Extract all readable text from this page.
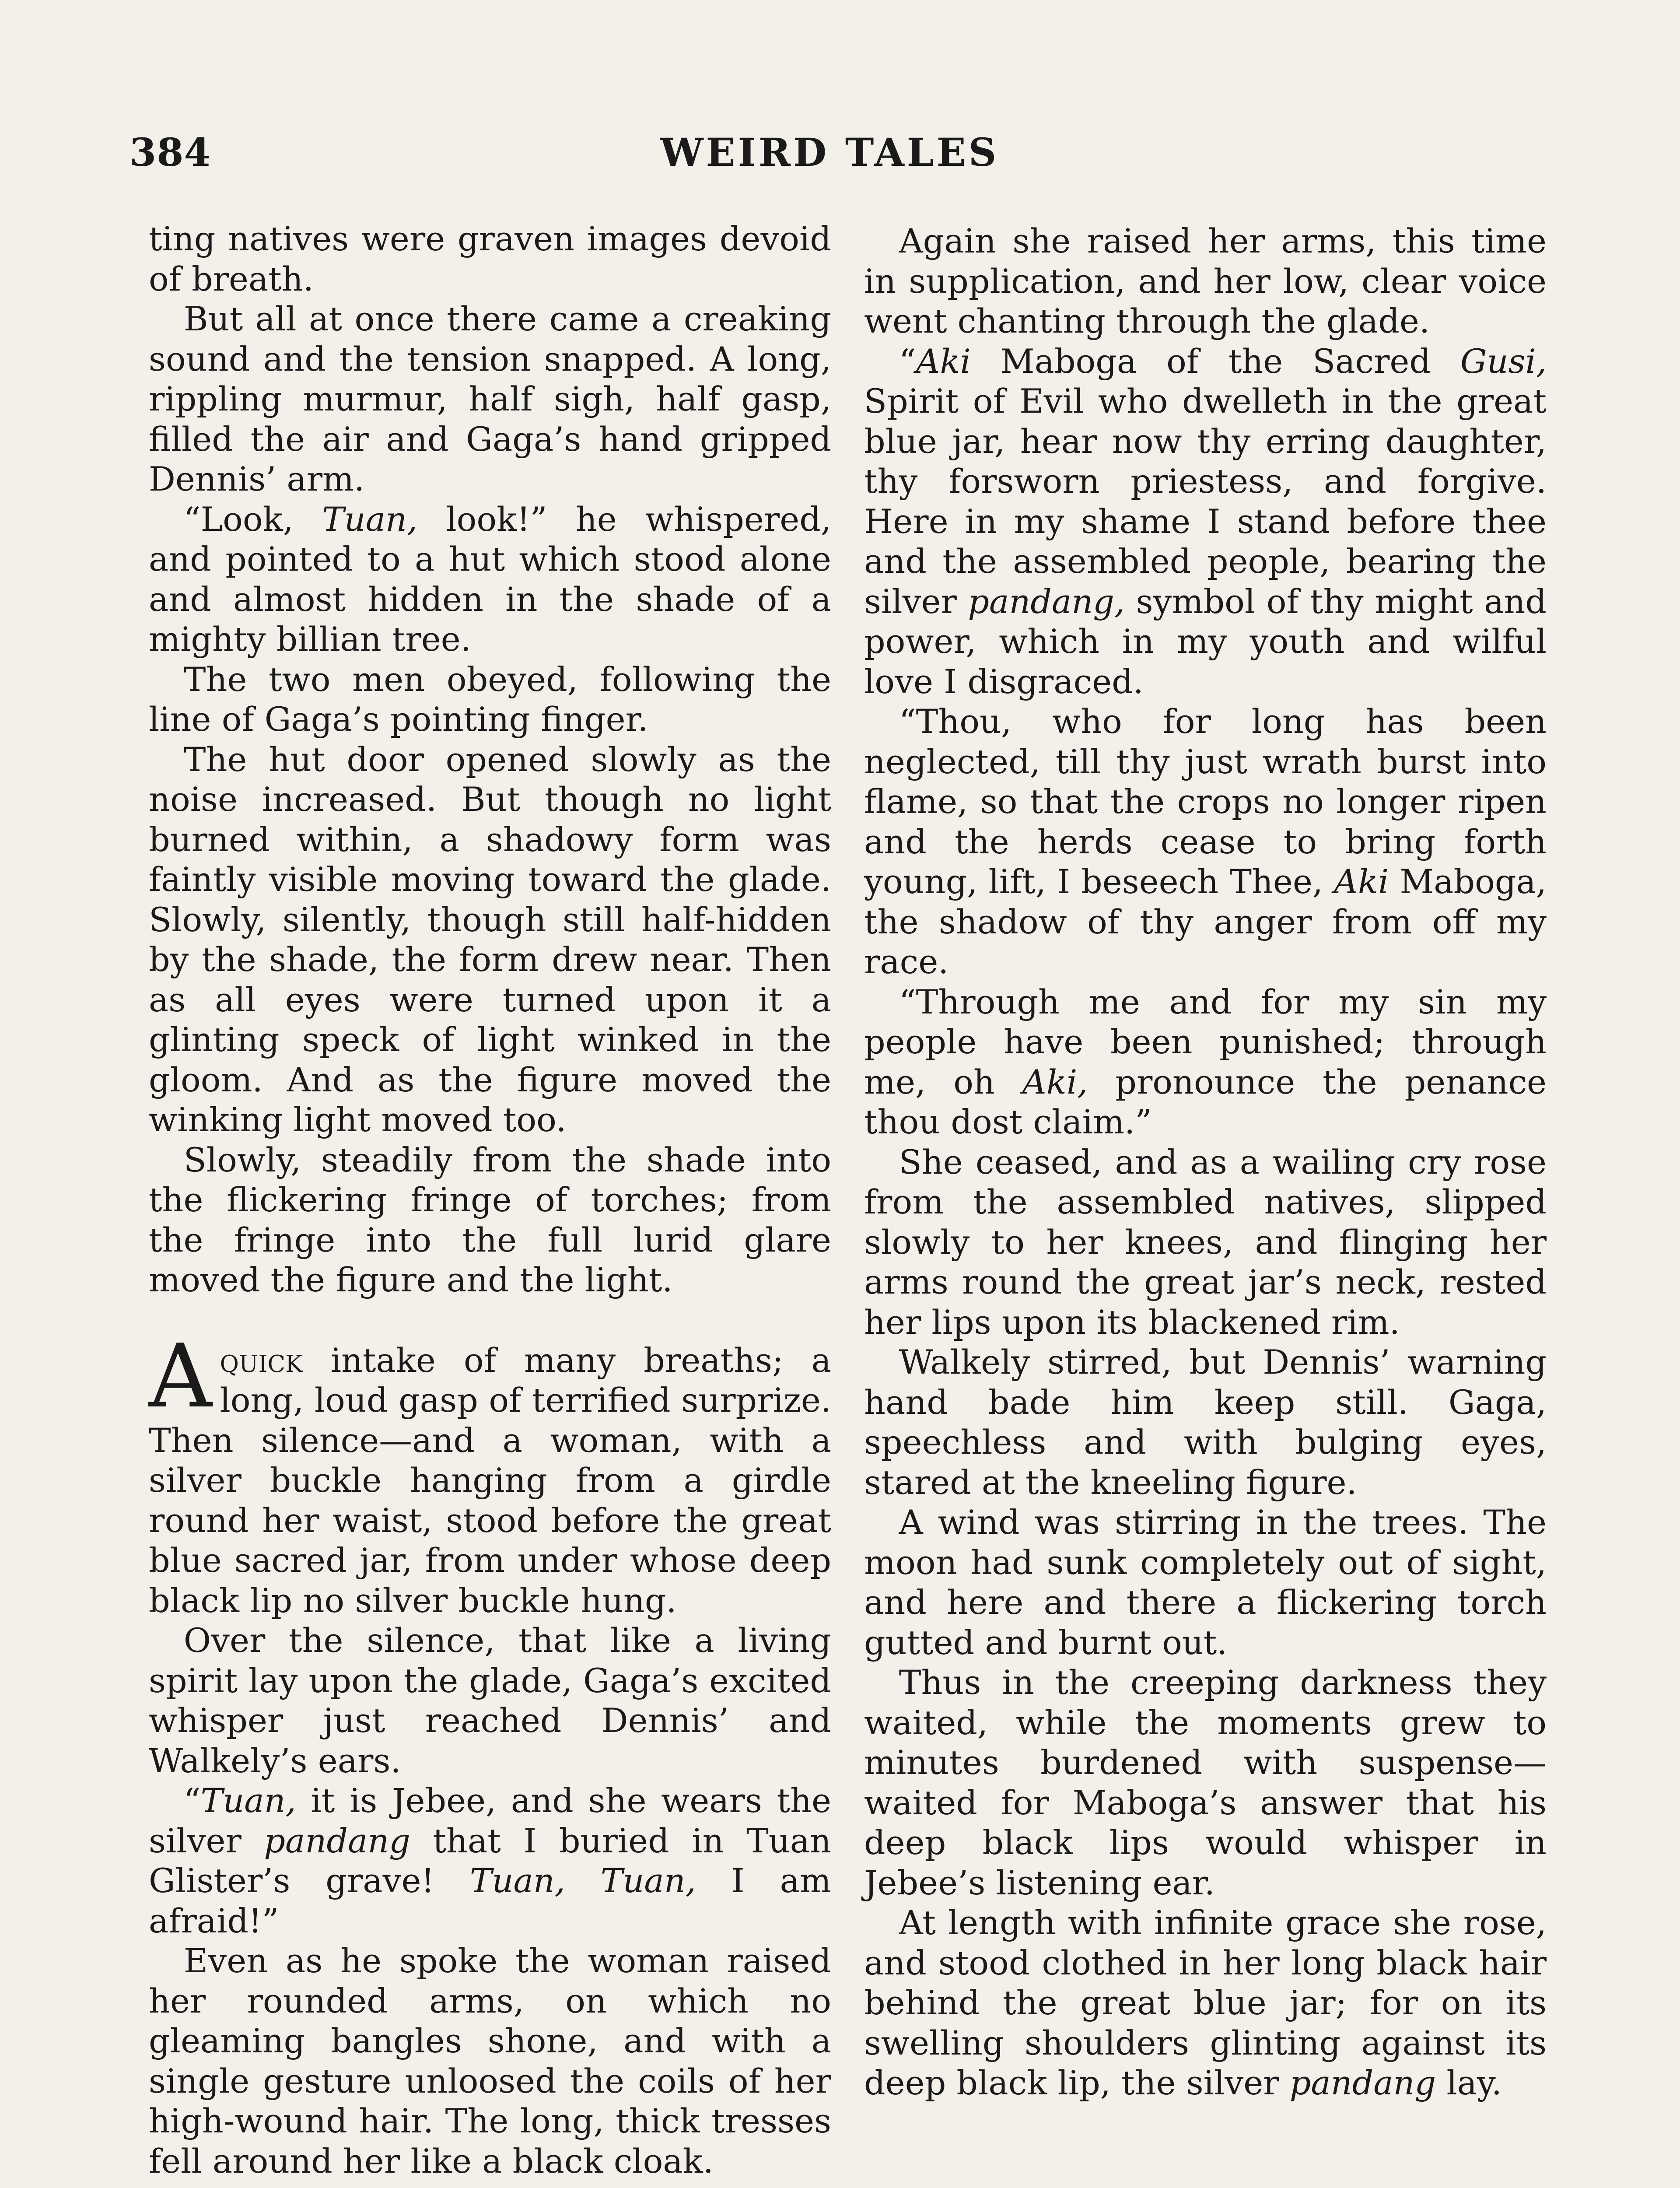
384	WEIRD TALES

ting natives were graven images devoid of breath.

But all at once there came a creaking sound and the tension snapped. A long, rippling murmur, half sigh, half gasp, filled the air and Gaga’s hand gripped Dennis’ arm.

“Look, Tuan, look!” he whispered, and pointed to a hut which stood alone and almost hidden in the shade of a mighty billian tree.

The two men obeyed, following the line of Gaga’s pointing finger.

The hut door opened slowly as the noise increased. But though no light burned within, a shadowy form was faintly visible moving toward the glade. Slowly, silently, though still half-hidden by the shade, the form drew near. Then as all eyes were turned upon it a glinting speck of light winked in the gloom. And as the figure moved the winking light moved too.

Slowly, steadily from the shade into the flickering fringe of torches; from the fringe into the full lurid glare moved the figure and the light.

Aquick intake of many breaths; a long, loud gasp of terrified surprize. Then silence—and a woman, with a silver buckle hanging from a girdle round her waist, stood before the great blue sacred jar, from under whose deep black lip no silver buckle hung.

Over the silence, that like a living spirit lay upon the glade, Gaga’s excited whisper just reached Dennis’ and Walkely’s ears.

“Tuan, it is Jebee, and she wears the silver pandang that I buried in Tuan Glister’s grave! Tuan, Tuan, I am afraid!”

Even as he spoke the woman raised her rounded arms, on which no gleaming bangles shone, and with a single gesture unloosed the coils of her high-wound hair. The long, thick tresses fell around her like a black cloak.

Again she raised her arms, this time in supplication, and her low, clear voice went chanting through the glade.

“Aki Maboga of the Sacred Gusi, Spirit of Evil who dwelleth in the great blue jar, hear now thy erring daughter, thy forsworn priestess, and forgive. Here in my shame I stand before thee and the assembled people, bearing the silver pandang, symbol of thy might and power, which in my youth and wilful love I disgraced.

“Thou, who for long has been neglected, till thy just wrath burst into flame, so that the crops no longer ripen and the herds cease to bring forth young, lift, I beseech Thee, Aki Maboga, the shadow of thy anger from off my race.

“Through me and for my sin my people have been punished; through me, oh Aki, pronounce the penance thou dost claim.”

She ceased, and as a wailing cry rose from the assembled natives, slipped slowly to her knees, and flinging her arms round the great jar’s neck, rested her lips upon its blackened rim.

Walkely stirred, but Dennis’ warning hand bade him keep still. Gaga, speechless and with bulging eyes, stared at the kneeling figure.

A wind was stirring in the trees. The moon had sunk completely out of sight, and here and there a flickering torch gutted and burnt out.

Thus in the creeping darkness they waited, while the moments grew to minutes burdened with suspense—waited for Maboga’s answer that his deep black lips would whisper in Jebee’s listening ear.

At length with infinite grace she rose, and stood clothed in her long black hair behind the great blue jar; for on its swelling shoulders glinting against its deep black lip, the silver pandang lay.
